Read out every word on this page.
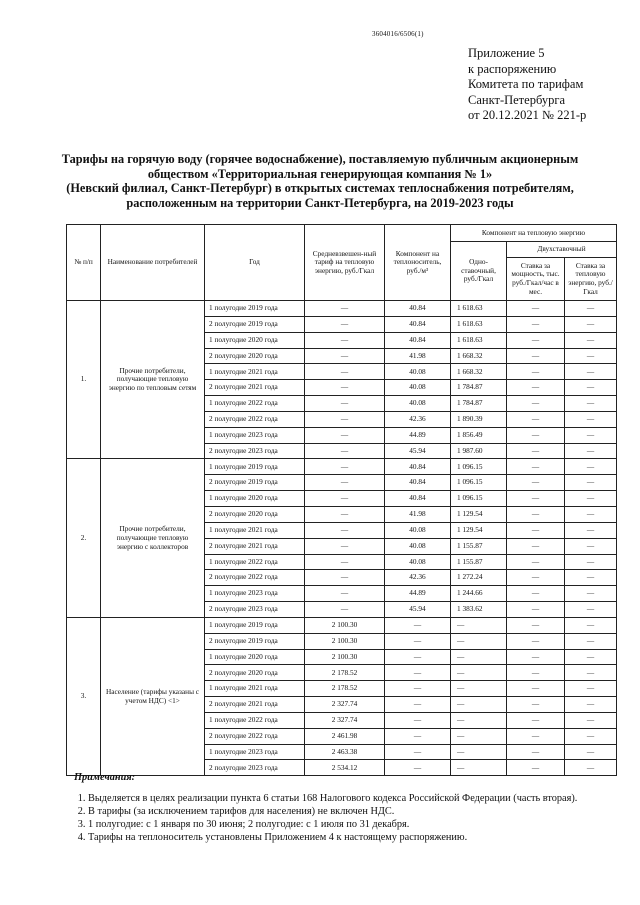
3604016/6506(1)
Приложение 5
к распоряжению
Комитета по тарифам
Санкт-Петербурга
от 20.12.2021 № 221-р
Тарифы на горячую воду (горячее водоснабжение), поставляемую публичным акционерным
обществом «Территориальная генерирующая компания № 1»
(Невский филиал, Санкт-Петербург) в открытых системах теплоснабжения потребителям,
расположенным на территории Санкт-Петербурга, на 2019-2023 годы
№ п/п	Наименование потребителей	Год	Средневзвешен-ный тариф на тепловую энергию, руб./Гкал	Компонент на теплоноситель, руб./м³	Компонент на тепловую энергию		
					Одно-ставочный, руб./Гкал	Двухставочный	
						Ставка за мощность, тыс. руб./Гкал/час в мес.	Ставка за тепловую энергию, руб./Гкал
1.	Прочие потребители, получающие тепловую энергию по тепловым сетям	1 полугодие 2019 года	—	40.84	1 618.63	—	—
		2 полугодие 2019 года	—	40.84	1 618.63	—	—
		1 полугодие 2020 года	—	40.84	1 618.63	—	—
		2 полугодие 2020 года	—	41.98	1 668.32	—	—
		1 полугодие 2021 года	—	40.08	1 668.32	—	—
		2 полугодие 2021 года	—	40.08	1 784.87	—	—
		1 полугодие 2022 года	—	40.08	1 784.87	—	—
		2 полугодие 2022 года	—	42.36	1 890.39	—	—
		1 полугодие 2023 года	—	44.89	1 856.49	—	—
		2 полугодие 2023 года	—	45.94	1 987.60	—	—
2.	Прочие потребители, получающие тепловую энергию с коллекторов	1 полугодие 2019 года	—	40.84	1 096.15	—	—
		2 полугодие 2019 года	—	40.84	1 096.15	—	—
		1 полугодие 2020 года	—	40.84	1 096.15	—	—
		2 полугодие 2020 года	—	41.98	1 129.54	—	—
		1 полугодие 2021 года	—	40.08	1 129.54	—	—
		2 полугодие 2021 года	—	40.08	1 155.87	—	—
		1 полугодие 2022 года	—	40.08	1 155.87	—	—
		2 полугодие 2022 года	—	42.36	1 272.24	—	—
		1 полугодие 2023 года	—	44.89	1 244.66	—	—
		2 полугодие 2023 года	—	45.94	1 383.62	—	—
3.	Население (тарифы указаны с учетом НДС) <1>	1 полугодие 2019 года	2 100.30	—	—	—	—
		2 полугодие 2019 года	2 100.30	—	—	—	—
		1 полугодие 2020 года	2 100.30	—	—	—	—
		2 полугодие 2020 года	2 178.52	—	—	—	—
		1 полугодие 2021 года	2 178.52	—	—	—	—
		2 полугодие 2021 года	2 327.74	—	—	—	—
		1 полугодие 2022 года	2 327.74	—	—	—	—
		2 полугодие 2022 года	2 461.98	—	—	—	—
		1 полугодие 2023 года	2 463.38	—	—	—	—
		2 полугодие 2023 года	2 534.12	—	—	—	—
Примечания:
1. Выделяется в целях реализации пункта 6 статьи 168 Налогового кодекса Российской Федерации (часть вторая).
2. В тарифы (за исключением тарифов для населения) не включен НДС.
3. 1 полугодие: с 1 января по 30 июня; 2 полугодие: с 1 июля по 31 декабря.
4. Тарифы на теплоноситель установлены Приложением 4 к настоящему распоряжению.
